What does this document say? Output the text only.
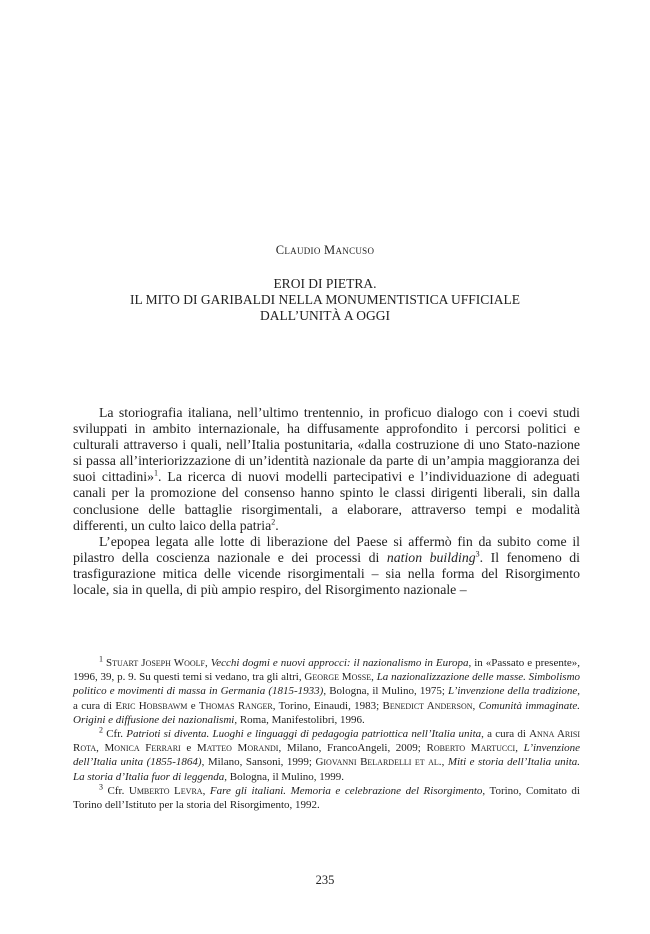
Claudio Mancuso
EROI DI PIETRA.
IL MITO DI GARIBALDI NELLA MONUMENTISTICA UFFICIALE
DALL’UNITÀ A OGGI

La storiografia italiana, nell’ultimo trentennio, in proficuo dialogo con i coevi studi sviluppati in ambito internazionale, ha diffusamente approfondito i percorsi politici e culturali attraverso i quali, nell’Italia postunitaria, «dalla costruzione di uno Stato-nazione si passa all’interiorizzazione di un’identità nazionale da parte di un’ampia maggioranza dei suoi cittadini»$^1$. La ricerca di nuovi modelli partecipativi e l’individuazione di adeguati canali per la promozione del consenso hanno spinto le classi dirigenti liberali, sin dalla conclusione delle battaglie risorgimentali, a elaborare, attraverso tempi e modalità differenti, un culto laico della patria$^2$.

L’epopea legata alle lotte di liberazione del Paese si affermò fin da subito come il pilastro della coscienza nazionale e dei processi di nation building$^3$. Il fenomeno di trasfigurazione mitica delle vicende risorgimentali – sia nella forma del Risorgimento locale, sia in quella, di più ampio respiro, del Risorgimento nazionale –

$^1$ Stuart Joseph Woolf, Vecchi dogmi e nuovi approcci: il nazionalismo in Europa, in «Passato e presente», 1996, 39, p. 9. Su questi temi si vedano, tra gli altri, George Mosse, La nazionalizzazione delle masse. Simbolismo politico e movimenti di massa in Germania (1815-1933), Bologna, il Mulino, 1975; L’invenzione della tradizione, a cura di Eric Hobsbawm e Thomas Ranger, Torino, Einaudi, 1983; Benedict Anderson, Comunità immaginate. Origini e diffusione dei nazionalismi, Roma, Manifestolibri, 1996.

$^2$ Cfr. Patrioti si diventa. Luoghi e linguaggi di pedagogia patriottica nell’Italia unita, a cura di Anna Arisi Rota, Monica Ferrari e Matteo Morandi, Milano, FrancoAngeli, 2009; Roberto Martucci, L’invenzione dell’Italia unita (1855-1864), Milano, Sansoni, 1999; Giovanni Belardelli et al., Miti e storia dell’Italia unita. La storia d’Italia fuor di leggenda, Bologna, il Mulino, 1999.

$^3$ Cfr. Umberto Levra, Fare gli italiani. Memoria e celebrazione del Risorgimento, Torino, Comitato di Torino dell’Istituto per la storia del Risorgimento, 1992.

235
